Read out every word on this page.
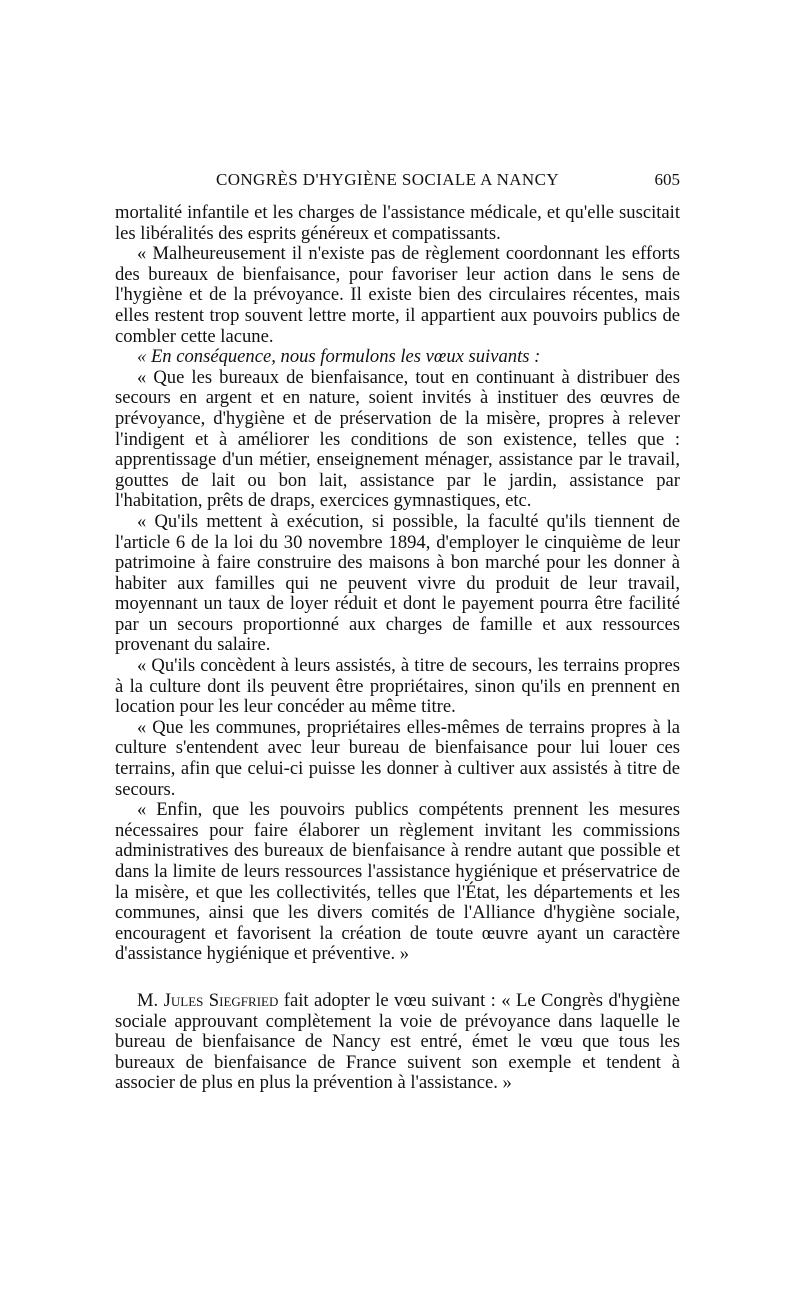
CONGRÈS D'HYGIÈNE SOCIALE A NANCY	605

mortalité infantile et les charges de l'assistance médicale, et qu'elle suscitait les libéralités des esprits généreux et compatissants.

« Malheureusement il n'existe pas de règlement coordonnant les efforts des bureaux de bienfaisance, pour favoriser leur action dans le sens de l'hygiène et de la prévoyance. Il existe bien des circulaires récentes, mais elles restent trop souvent lettre morte, il appartient aux pouvoirs publics de combler cette lacune.

« En conséquence, nous formulons les vœux suivants :

« Que les bureaux de bienfaisance, tout en continuant à distribuer des secours en argent et en nature, soient invités à instituer des œuvres de prévoyance, d'hygiène et de préservation de la misère, propres à relever l'indigent et à améliorer les conditions de son existence, telles que : apprentissage d'un métier, enseignement ménager, assistance par le travail, gouttes de lait ou bon lait, assistance par le jardin, assistance par l'habitation, prêts de draps, exercices gymnastiques, etc.

« Qu'ils mettent à exécution, si possible, la faculté qu'ils tiennent de l'article 6 de la loi du 30 novembre 1894, d'employer le cinquième de leur patrimoine à faire construire des maisons à bon marché pour les donner à habiter aux familles qui ne peuvent vivre du produit de leur travail, moyennant un taux de loyer réduit et dont le payement pourra être facilité par un secours proportionné aux charges de famille et aux ressources provenant du salaire.

« Qu'ils concèdent à leurs assistés, à titre de secours, les terrains propres à la culture dont ils peuvent être propriétaires, sinon qu'ils en prennent en location pour les leur concéder au même titre.

« Que les communes, propriétaires elles-mêmes de terrains propres à la culture s'entendent avec leur bureau de bienfaisance pour lui louer ces terrains, afin que celui-ci puisse les donner à cultiver aux assistés à titre de secours.

« Enfin, que les pouvoirs publics compétents prennent les mesures nécessaires pour faire élaborer un règlement invitant les commissions administratives des bureaux de bienfaisance à rendre autant que possible et dans la limite de leurs ressources l'assistance hygiénique et préservatrice de la misère, et que les collectivités, telles que l'État, les départements et les communes, ainsi que les divers comités de l'Alliance d'hygiène sociale, encouragent et favorisent la création de toute œuvre ayant un caractère d'assistance hygiénique et préventive. »

M. Jules Siegfried fait adopter le vœu suivant : « Le Congrès d'hygiène sociale approuvant complètement la voie de prévoyance dans laquelle le bureau de bienfaisance de Nancy est entré, émet le vœu que tous les bureaux de bienfaisance de France suivent son exemple et tendent à associer de plus en plus la prévention à l'assistance. »
